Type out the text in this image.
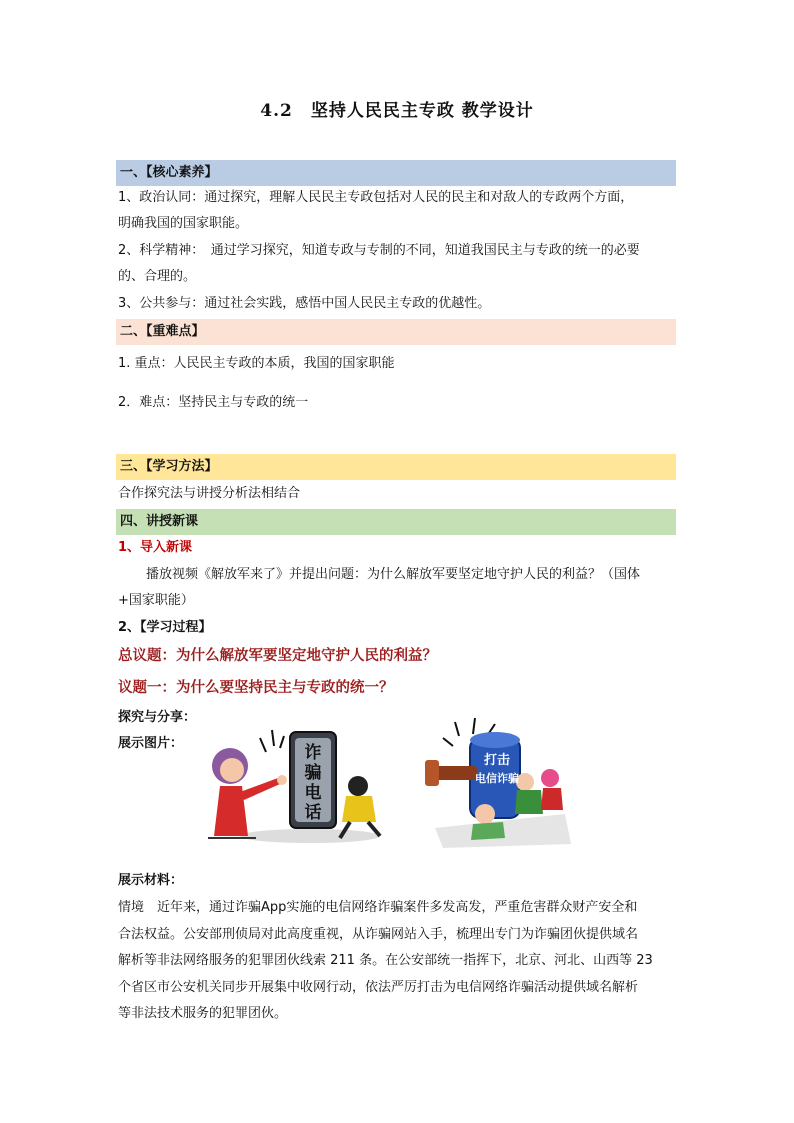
4.2　坚持人民民主专政 教学设计
一、【核心素养】
1、政治认同：通过探究，理解人民民主专政包括对人民的民主和对敌人的专政两个方面，
明确我国的国家职能。
2、科学精神：　通过学习探究，知道专政与专制的不同，知道我国民主与专政的统一的必要
的、合理的。
3、公共参与：通过社会实践，感悟中国人民民主专政的优越性。
二、【重难点】
1. 重点：人民民主专政的本质，我国的国家职能
2．难点：坚持民主与专政的统一
三、【学习方法】
合作探究法与讲授分析法相结合
四、讲授新课
1、导入新课
播放视频《解放军来了》并提出问题：为什么解放军要坚定地守护人民的利益？（国体
+国家职能）
2、【学习过程】
总议题：为什么解放军要坚定地守护人民的利益？
议题一：为什么要坚持民主与专政的统一？
探究与分享：
展示图片：	诈
骗
电
话
打击
电信诈骗
展示材料：
情境　近年来，通过诈骗App实施的电信网络诈骗案件多发高发，严重危害群众财产安全和
合法权益。公安部刑侦局对此高度重视，从诈骗网站入手，梳理出专门为诈骗团伙提供域名
解析等非法网络服务的犯罪团伙线索 211 条。在公安部统一指挥下，北京、河北、山西等 23
个省区市公安机关同步开展集中收网行动，依法严厉打击为电信网络诈骗活动提供域名解析
等非法技术服务的犯罪团伙。
